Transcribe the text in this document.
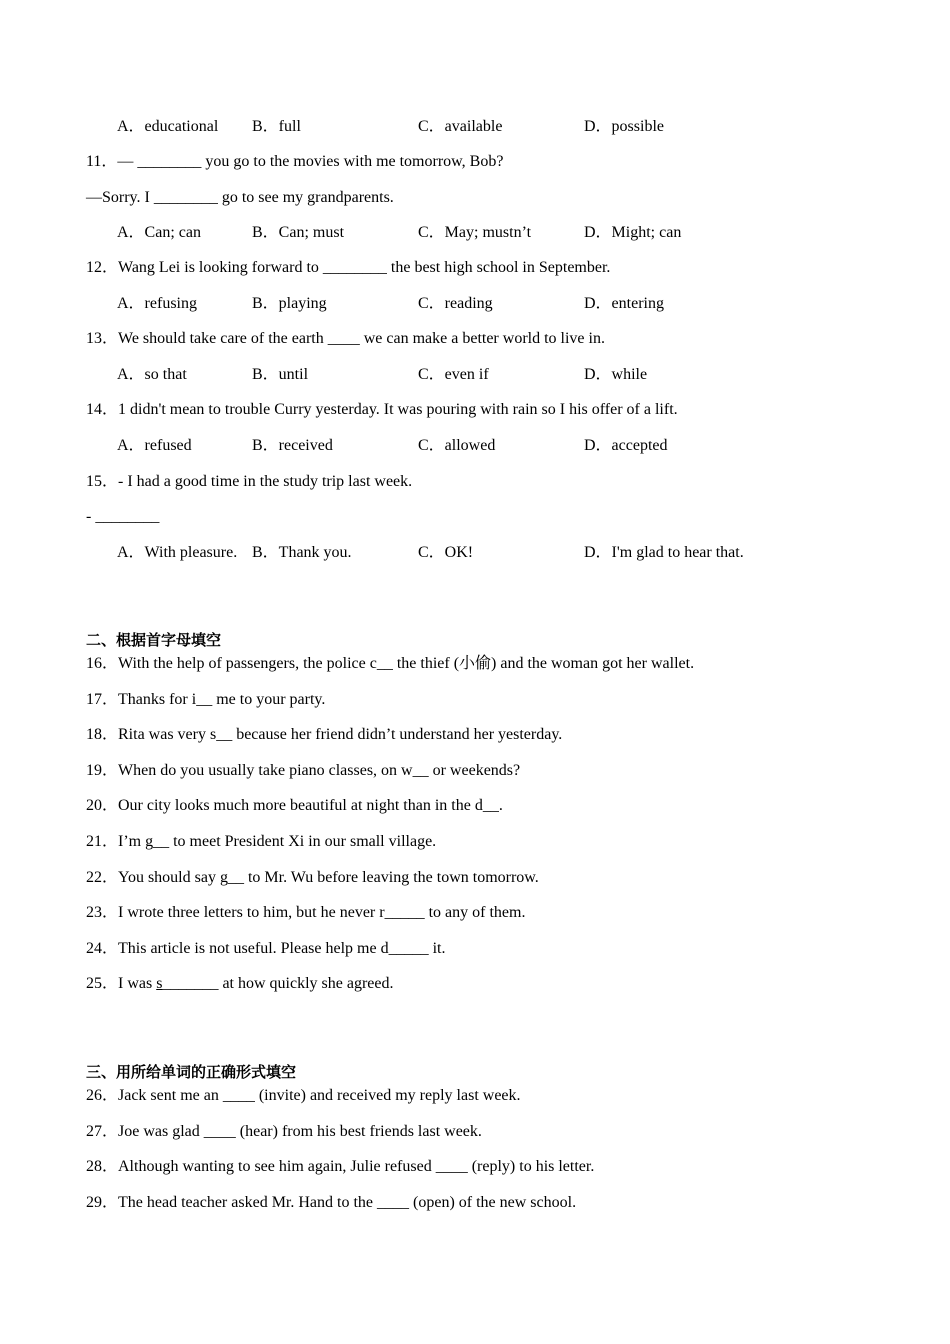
A．educational B．full	C．available	D．possible
11．— ________ you go to the movies with me tomorrow, Bob?
—Sorry. I ________ go to see my grandparents.
A．Can; can	B．Can; must	C．May; mustn’t	D．Might; can
12．Wang Lei is looking forward to ________ the best high school in September.
A．refusing	B．playing	C．reading	D．entering
13．We should take care of the earth ____ we can make a better world to live in.
A．so that	B．until	C．even if	D．while
14．1 didn't mean to trouble Curry yesterday. It was pouring with rain so I his offer of a lift.
A．refused	B．received	C．allowed	D．accepted
15．- I had a good time in the study trip last week.
- ________
A．With pleasure. B．Thank you.	C．OK!	D．I'm glad to hear that.
二、根据首字母填空
16．With the help of passengers, the police c__ the thief (小偷) and the woman got her wallet.
17．Thanks for i__ me to your party.
18．Rita was very s__ because her friend didn’t understand her yesterday.
19．When do you usually take piano classes, on w__ or weekends?
20．Our city looks much more beautiful at night than in the d__.
21．I’m g__ to meet President Xi in our small village.
22．You should say g__ to Mr. Wu before leaving the town tomorrow.
23．I wrote three letters to him, but he never r_____ to any of them.
24．This article is not useful. Please help me d_____ it.
25．I was s_______ at how quickly she agreed.
三、用所给单词的正确形式填空
26．Jack sent me an ____ (invite) and received my reply last week.
27．Joe was glad ____ (hear) from his best friends last week.
28．Although wanting to see him again, Julie refused ____ (reply) to his letter.
29．The head teacher asked Mr. Hand to the ____ (open) of the new school.
